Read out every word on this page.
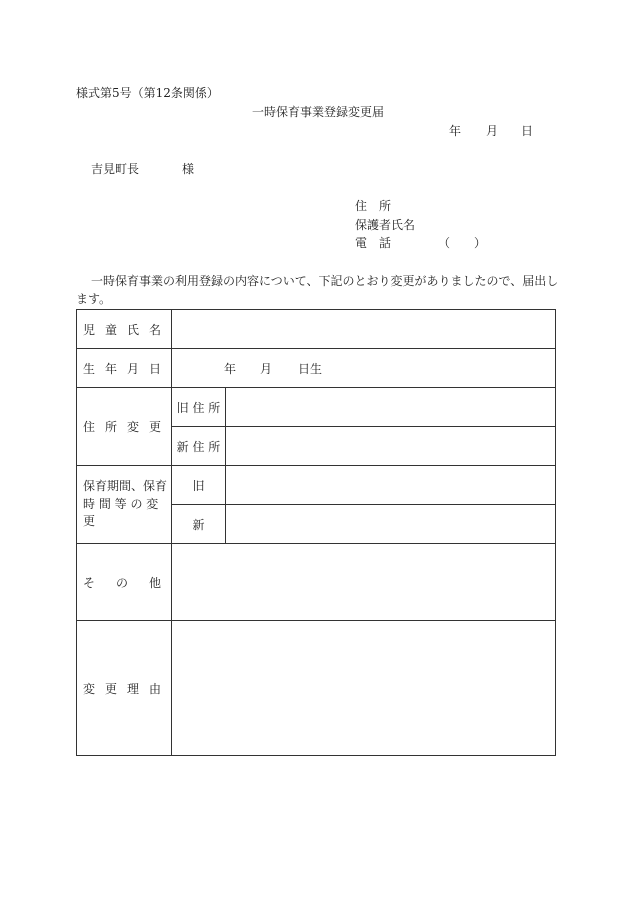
様式第5号（第12条関係）
一時保育事業登録変更届
年 月 日
吉見町長	様
住　所
保護者氏名
電　話	（　　）
一時保育事業の利用登録の内容について、下記のとおり変更がありましたので、届出し
ます。
児 童 氏 名		

生 年 月 日	年 月 日生	

住 所 変 更	旧 住 所	
	新 住 所	

保育期間、保育
時 間 等 の 変 更	旧	
	新	

そ の 他		

変 更 理 由		
